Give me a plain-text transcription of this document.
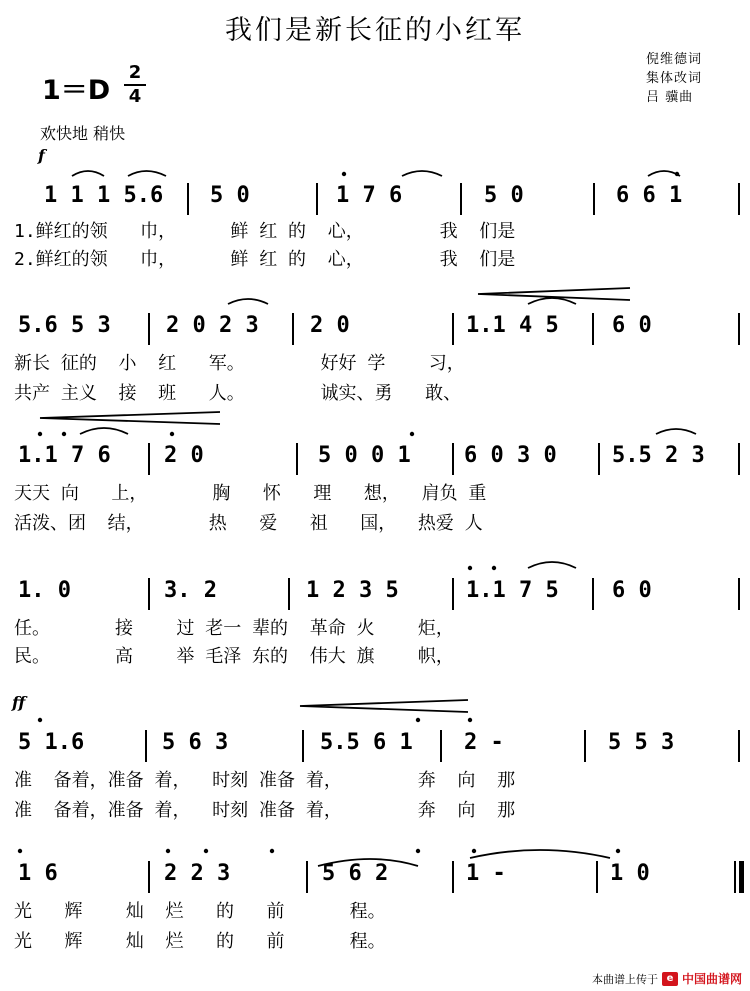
我们是新长征的小红军
1＝D
2
4
倪维德词
集体改词
吕 骥曲
欢快地 稍快
f
1 1 1 5.6 5 0	1 7 6	5 0	6 6 1
1.鲜红的领   巾，     鲜 红 的  心，       我  们是
2.鲜红的领   巾，     鲜 红 的  心，       我  们是
5.6 5 3	2 0 2 3 2 0	1.1 4 5 6 0
新长 征的  小  红   军。       好好 学    习，
共产 主义  接  班   人。       诚实、勇   敢、
1.1 7 6 2 0	5 0 0 1 6 0 3 0	5.5 2 3
天天 向   上，      胸   怀   理   想，  肩负 重
活泼、团  结，      热   爱   祖   国，  热爱 人
1. 0	3. 2	1 2 3 5	1.1 7 5 6 0
任。      接    过 老一 辈的  革命 火    炬，
民。      高    举 毛泽 东的  伟大 旗    帜，
ff
5 1.6	5 6 3	5.5 6 1 2 -	5 5 3
准  备着，准备 着，  时刻 准备 着，       奔  向  那
准  备着，准备 着，  时刻 准备 着，       奔  向  那
1 6	2 2 3	5 6 2	1 -	1 0
光   辉    灿  烂   的   前      程。
光   辉    灿  烂   的   前      程。
本曲谱上传于 e 中国曲谱网
